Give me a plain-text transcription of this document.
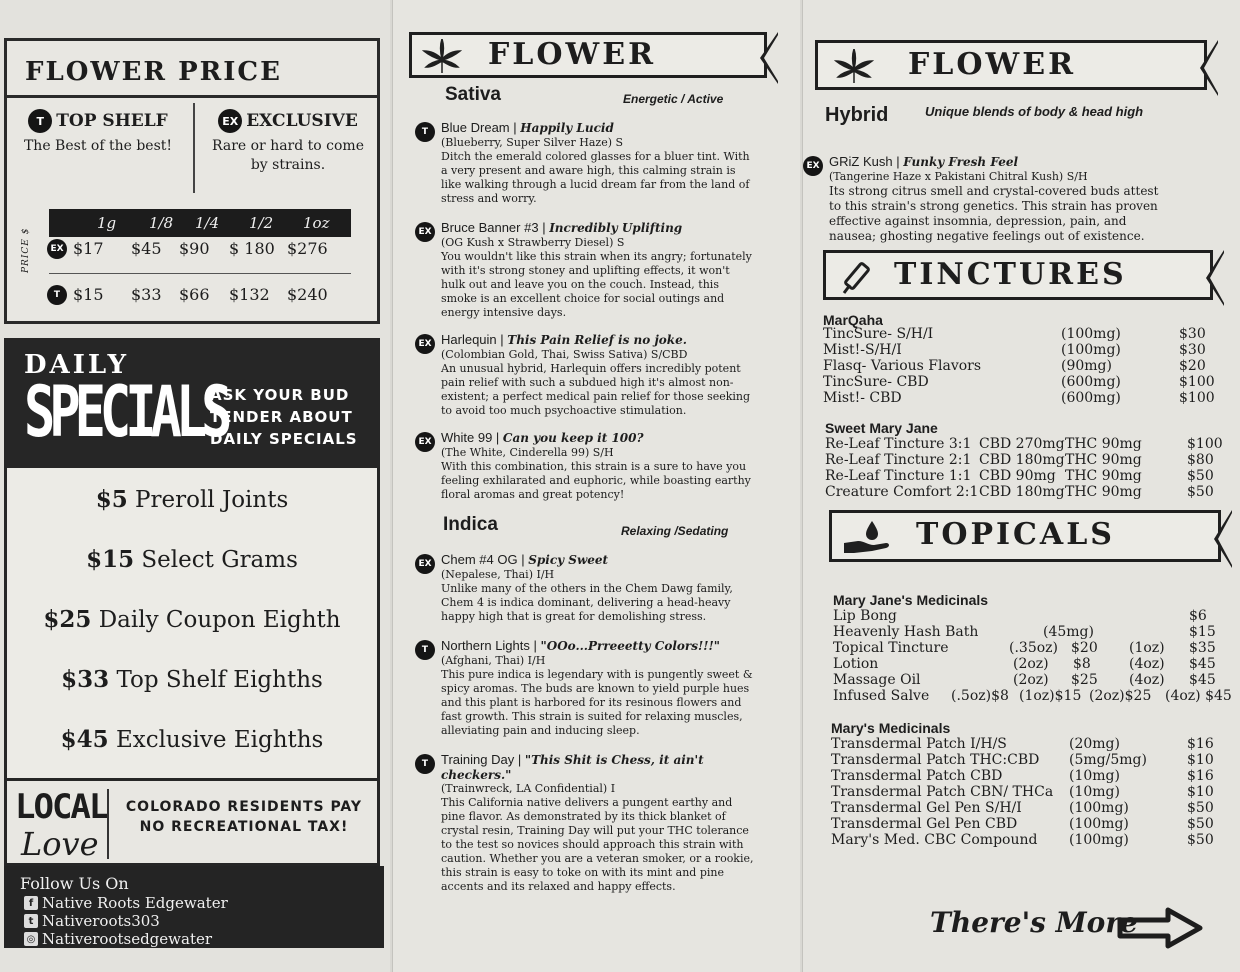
FLOWER PRICE
T TOP SHELF
The Best of the best!
EX EXCLUSIVE
Rare or hard to come by strains.
1g 1/8 1/4 1/2 1oz
PRICE $	EX $17 $45 $90 $ 180 $276
T $15 $33 $66 $132 $240
DAILY
SPECIALS
ASK YOUR BUD TENDER ABOUT DAILY SPECIALS
$5 Preroll Joints
$15 Select Grams
$25 Daily Coupon Eighth
$33 Top Shelf Eighths
$45 Exclusive Eighths
LOCAL
Love
COLORADO RESIDENTS PAY NO RECREATIONAL TAX!
Follow Us On
f Native Roots Edgewater
t Nativeroots303
◎ Nativerootsedgewater
FLOWER
Sativa	Energetic / Active
T Blue Dream | Happily Lucid
(Blueberry, Super Silver Haze) S
Ditch the emerald colored glasses for a bluer tint. With a very present and aware high, this calming strain is like walking through a lucid dream far from the land of stress and worry.
EX Bruce Banner #3 | Incredibly Uplifting
(OG Kush x Strawberry Diesel) S
You wouldn't like this strain when its angry; fortunately with it's strong stoney and uplifting effects, it won't hulk out and leave you on the couch. Instead, this smoke is an excellent choice for social outings and energy intensive days.
EX Harlequin | This Pain Relief is no joke.
(Colombian Gold, Thai, Swiss Sativa) S/CBD
An unusual hybrid, Harlequin offers incredibly potent pain relief with such a subdued high it's almost non-existent; a perfect medical pain relief for those seeking to avoid too much psychoactive stimulation.
EX White 99 | Can you keep it 100?
(The White, Cinderella 99) S/H
With this combination, this strain is a sure to have you feeling exhilarated and euphoric, while boasting earthy floral aromas and great potency!
Indica	Relaxing /Sedating
EX Chem #4 OG | Spicy Sweet
(Nepalese, Thai) I/H
Unlike many of the others in the Chem Dawg family, Chem 4 is indica dominant, delivering a head-heavy happy high that is great for demolishing stress.
T Northern Lights | "OOo...Prreeetty Colors!!!"
(Afghani, Thai) I/H
This pure indica is legendary with is pungently sweet & spicy aromas. The buds are known to yield purple hues and this plant is harbored for its resinous flowers and fast growth. This strain is suited for relaxing muscles, alleviating pain and inducing sleep.
T Training Day | "This Shit is Chess, it ain't checkers."
(Trainwreck, LA Confidential) I
This California native delivers a pungent earthy and pine flavor. As demonstrated by its thick blanket of crystal resin, Training Day will put your THC tolerance to the test so novices should approach this strain with caution. Whether you are a veteran smoker, or a rookie, this strain is easy to toke on with its mint and pine accents and its relaxed and happy effects.
FLOWER
Hybrid	Unique blends of body & head high
EX GRiZ Kush | Funky Fresh Feel
(Tangerine Haze x Pakistani Chitral Kush) S/H
Its strong citrus smell and crystal-covered buds attest to this strain's strong genetics. This strain has proven effective against insomnia, depression, pain, and nausea; ghosting negative feelings out of existence.
TINCTURES
MarQaha
TincSure- S/H/I	(100mg)	$30
Mist!-S/H/I	(100mg)	$30
Flasq- Various Flavors	(90mg)	$20
TincSure- CBD	(600mg)	$100
Mist!- CBD	(600mg)	$100
Sweet Mary Jane
Re-Leaf Tincture 3:1 CBD 270mg THC 90mg	$100
Re-Leaf Tincture 2:1 CBD 180mg THC 90mg	$80
Re-Leaf Tincture 1:1 CBD 90mg THC 90mg	$50
Creature Comfort 2:1 CBD 180mg THC 90mg	$50
TOPICALS
Mary Jane's Medicinals
Lip Bong	$6
Heavenly Hash Bath	(45mg)	$15
Topical Tincture	(.35oz) $20 (1oz) $35
Lotion	(2oz) $8	(4oz) $45
Massage Oil	(2oz) $25 (4oz) $45
Infused Salve (.5oz)$8 (1oz)$15 (2oz)$25 (4oz) $45
Mary's Medicinals
Transdermal Patch I/H/S	(20mg)	$16
Transdermal Patch THC:CBD (5mg/5mg)	$10
Transdermal Patch CBD	(10mg)	$16
Transdermal Patch CBN/ THCa (10mg)	$10
Transdermal Gel Pen S/H/I	(100mg)	$50
Transdermal Gel Pen CBD	(100mg)	$50
Mary's Med. CBC Compound (100mg)	$50
There's More
